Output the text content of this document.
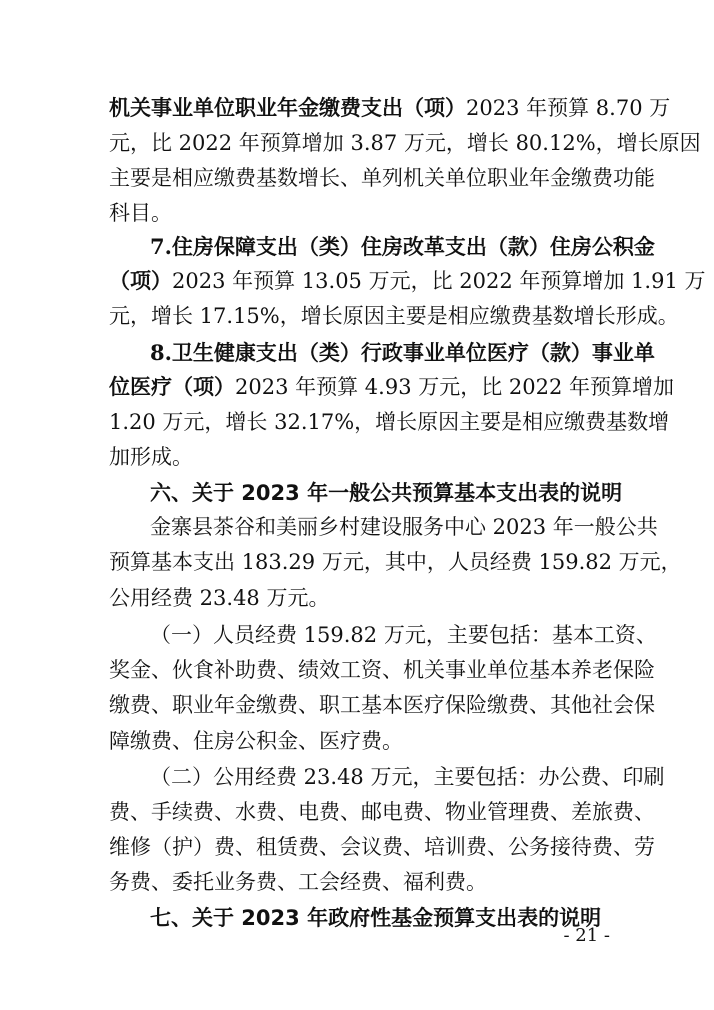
机关事业单位职业年金缴费支出（项）2023 年预算 8.70 万
元，比 2022 年预算增加 3.87 万元，增长 80.12%，增长原因
主要是相应缴费基数增长、单列机关单位职业年金缴费功能
科目。
7.住房保障支出（类）住房改革支出（款）住房公积金
（项）2023 年预算 13.05 万元，比 2022 年预算增加 1.91 万
元，增长 17.15%，增长原因主要是相应缴费基数增长形成。
8.卫生健康支出（类）行政事业单位医疗（款）事业单
位医疗（项）2023 年预算 4.93 万元，比 2022 年预算增加
1.20 万元，增长 32.17%，增长原因主要是相应缴费基数增
加形成。
六、关于 2023 年一般公共预算基本支出表的说明
金寨县茶谷和美丽乡村建设服务中心 2023 年一般公共
预算基本支出 183.29 万元，其中，人员经费 159.82 万元，
公用经费 23.48 万元。
（一）人员经费 159.82 万元，主要包括：基本工资、
奖金、伙食补助费、绩效工资、机关事业单位基本养老保险
缴费、职业年金缴费、职工基本医疗保险缴费、其他社会保
障缴费、住房公积金、医疗费。
（二）公用经费 23.48 万元，主要包括：办公费、印刷
费、手续费、水费、电费、邮电费、物业管理费、差旅费、
维修（护）费、租赁费、会议费、培训费、公务接待费、劳
务费、委托业务费、工会经费、福利费。
七、关于 2023 年政府性基金预算支出表的说明
- 21 -
